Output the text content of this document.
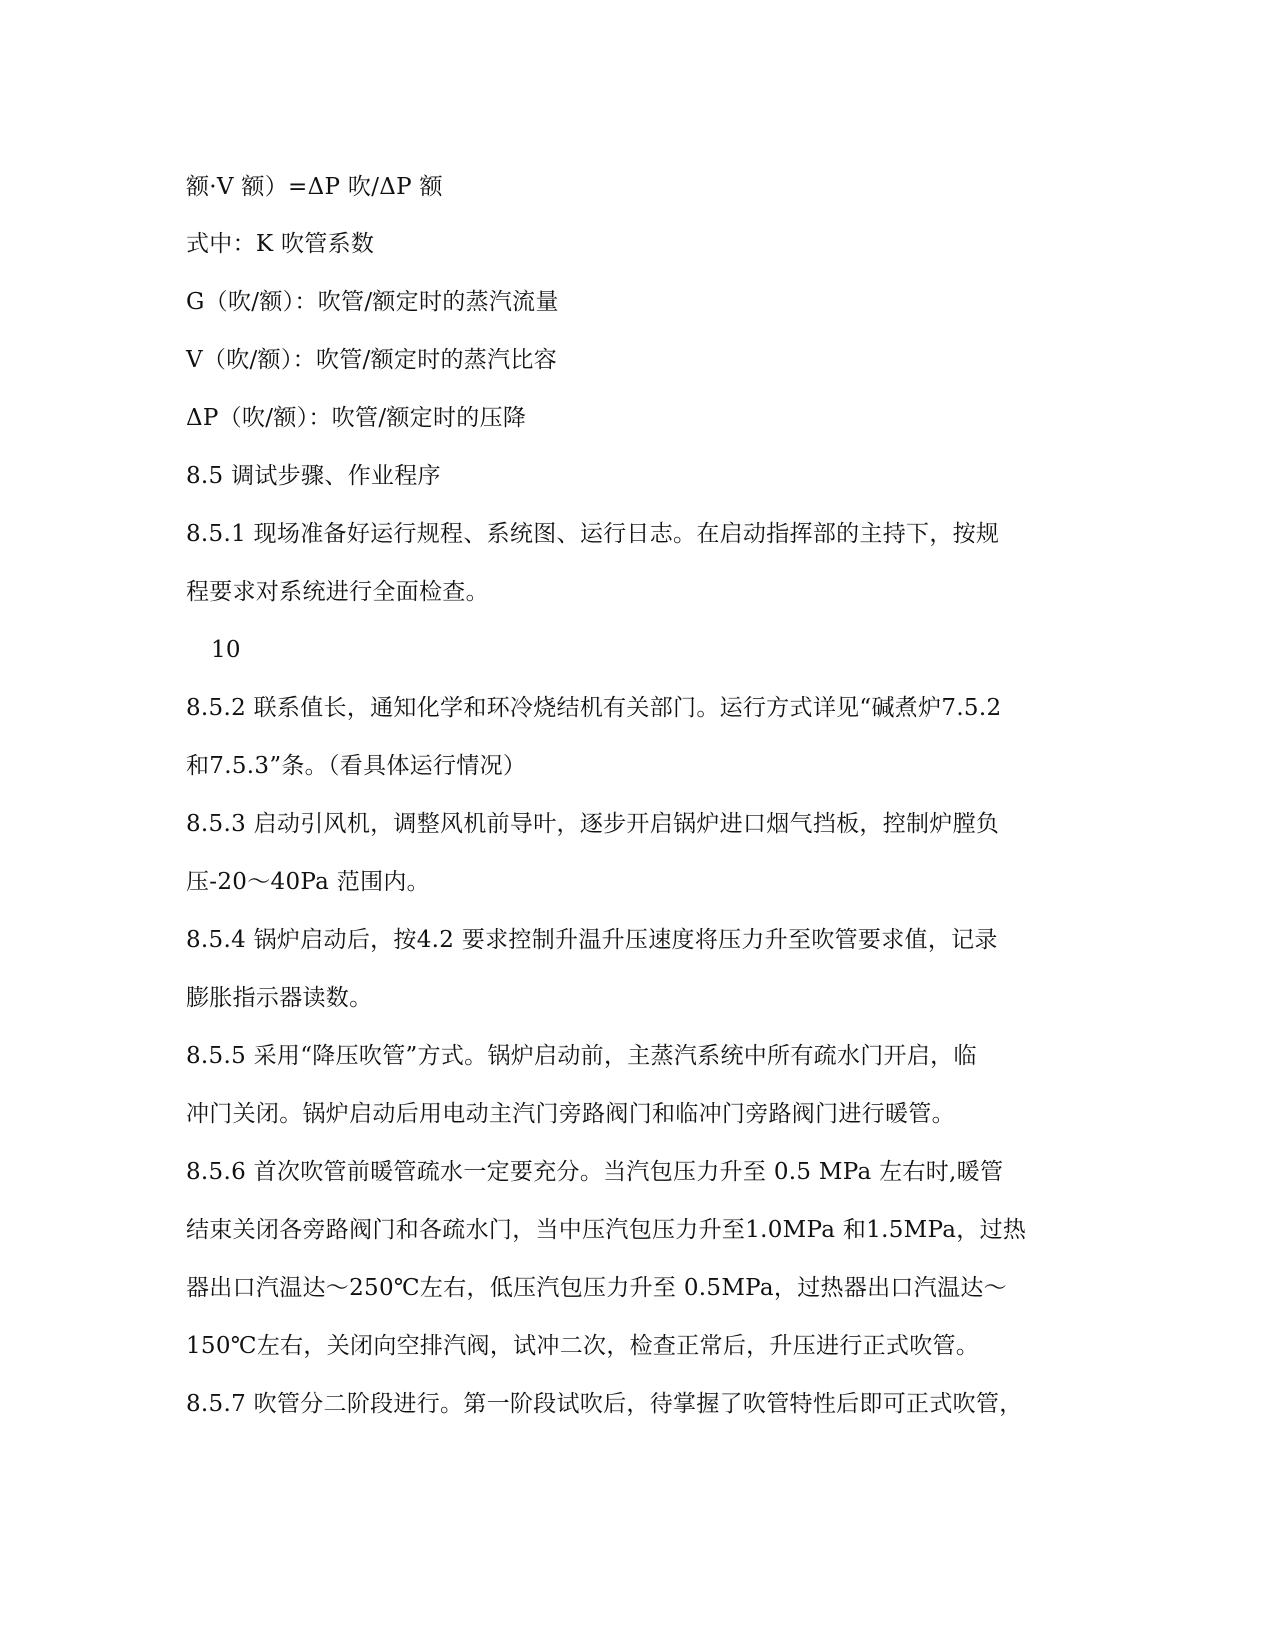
额·V 额）=ΔP 吹/ΔP 额
式中：K 吹管系数
G（吹/额）：吹管/额定时的蒸汽流量
V（吹/额）：吹管/额定时的蒸汽比容
ΔP（吹/额）：吹管/额定时的压降
8.5 调试步骤、作业程序
8.5.1 现场准备好运行规程、系统图、运行日志。在启动指挥部的主持下，按规
程要求对系统进行全面检查。
10
8.5.2 联系值长，通知化学和环冷烧结机有关部门。运行方式详见“碱煮炉7.5.2
和7.5.3”条。（看具体运行情况）
8.5.3 启动引风机，调整风机前导叶，逐步开启锅炉进口烟气挡板，控制炉膛负
压-20～40Pa 范围内。
8.5.4 锅炉启动后，按4.2 要求控制升温升压速度将压力升至吹管要求值，记录
膨胀指示器读数。
8.5.5 采用“降压吹管”方式。锅炉启动前，主蒸汽系统中所有疏水门开启，临
冲门关闭。锅炉启动后用电动主汽门旁路阀门和临冲门旁路阀门进行暖管。
8.5.6 首次吹管前暖管疏水一定要充分。当汽包压力升至 0.5 MPa 左右时,暖管
结束关闭各旁路阀门和各疏水门，当中压汽包压力升至1.0MPa 和1.5MPa，过热
器出口汽温达～250℃左右，低压汽包压力升至 0.5MPa，过热器出口汽温达～
150℃左右，关闭向空排汽阀，试冲二次，检查正常后，升压进行正式吹管。
8.5.7 吹管分二阶段进行。第一阶段试吹后，待掌握了吹管特性后即可正式吹管，
